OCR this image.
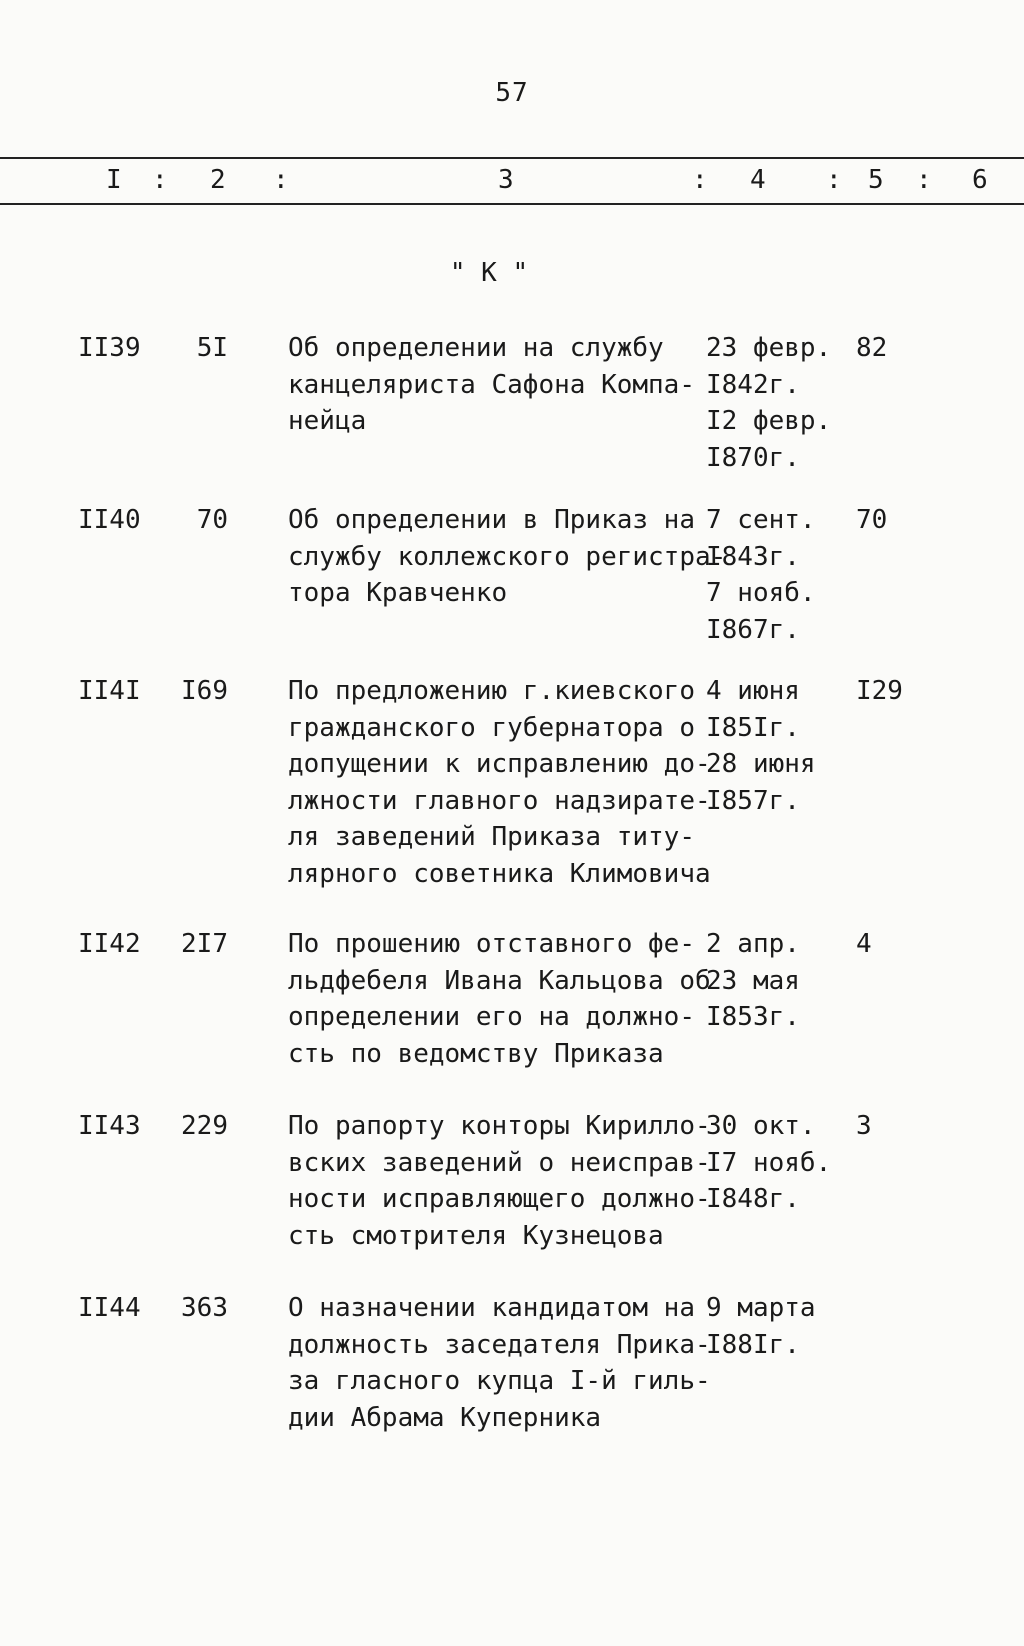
57
I : 2 :	3	: 4 : 5 : 6
" К "
II39 5I Об определении на службу
канцеляриста Сафона Компа-
нейца
23 февр.
I842г.
I2 февр.
I870г.
82
II40 70 Об определении в Приказ на
службу коллежского регистра-
тора Кравченко
7 сент.
I843г.
7 нояб.
I867г.
70
II4I I69 По предложению г.киевского
гражданского губернатора о
допущении к исправлению до-
лжности главного надзирате-
ля заведений Приказа титу-
лярного советника Климовича
4 июня
I85Iг.
28 июня
I857г.
I29
II42 2I7 По прошению отставного фе-
льдфебеля Ивана Кальцова об
определении его на должно-
сть по ведомству Приказа
2 апр.
23 мая
I853г.
4
II43 229 По рапорту конторы Кирилло-
вских заведений о неисправ-
ности исправляющего должно-
сть смотрителя Кузнецова
30 окт.
I7 нояб.
I848г.
3
II44 363 О назначении кандидатом на
должность заседателя Прика-
за гласного купца I-й гиль-
дии Абрама Куперника
9 марта
I88Iг.
